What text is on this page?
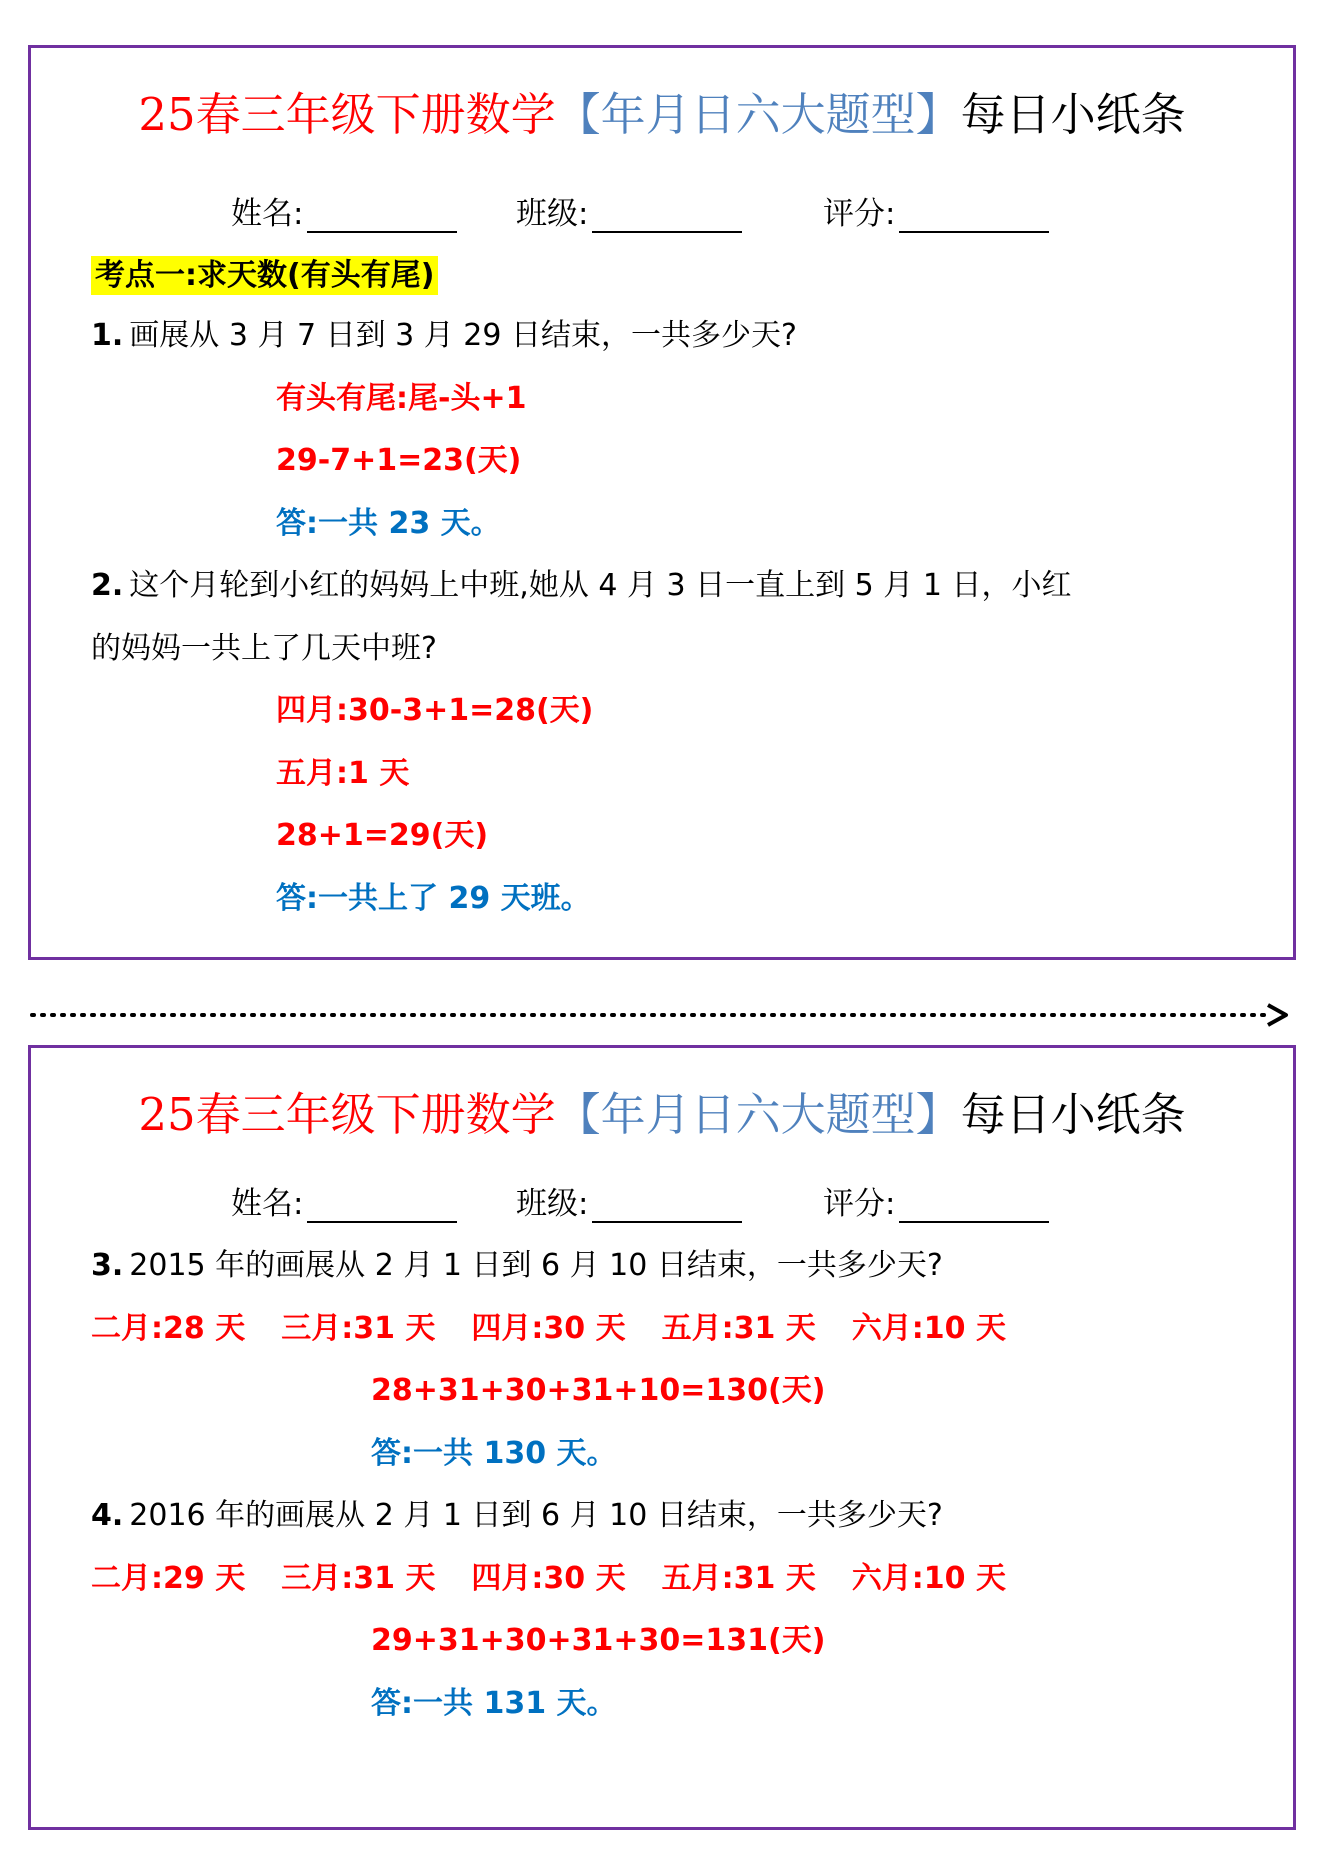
25春三年级下册数学【年月日六大题型】每日小纸条
姓名:	班级:	评分:
考点一:求天数(有头有尾)
1. 画展从 3 月 7 日到 3 月 29 日结束，一共多少天?
有头有尾:尾-头+1
29-7+1=23(天)
答:一共 23 天。
2. 这个月轮到小红的妈妈上中班,她从 4 月 3 日一直上到 5 月 1 日，小红
的妈妈一共上了几天中班?
四月:30-3+1=28(天)
五月:1 天
28+1=29(天)
答:一共上了 29 天班。
25春三年级下册数学【年月日六大题型】每日小纸条
姓名:	班级:	评分:
3. 2015 年的画展从 2 月 1 日到 6 月 10 日结束，一共多少天?
二月:28 天 三月:31 天 四月:30 天 五月:31 天 六月:10 天
28+31+30+31+10=130(天)
答:一共 130 天。
4. 2016 年的画展从 2 月 1 日到 6 月 10 日结束，一共多少天?
二月:29 天 三月:31 天 四月:30 天 五月:31 天 六月:10 天
29+31+30+31+30=131(天)
答:一共 131 天。
